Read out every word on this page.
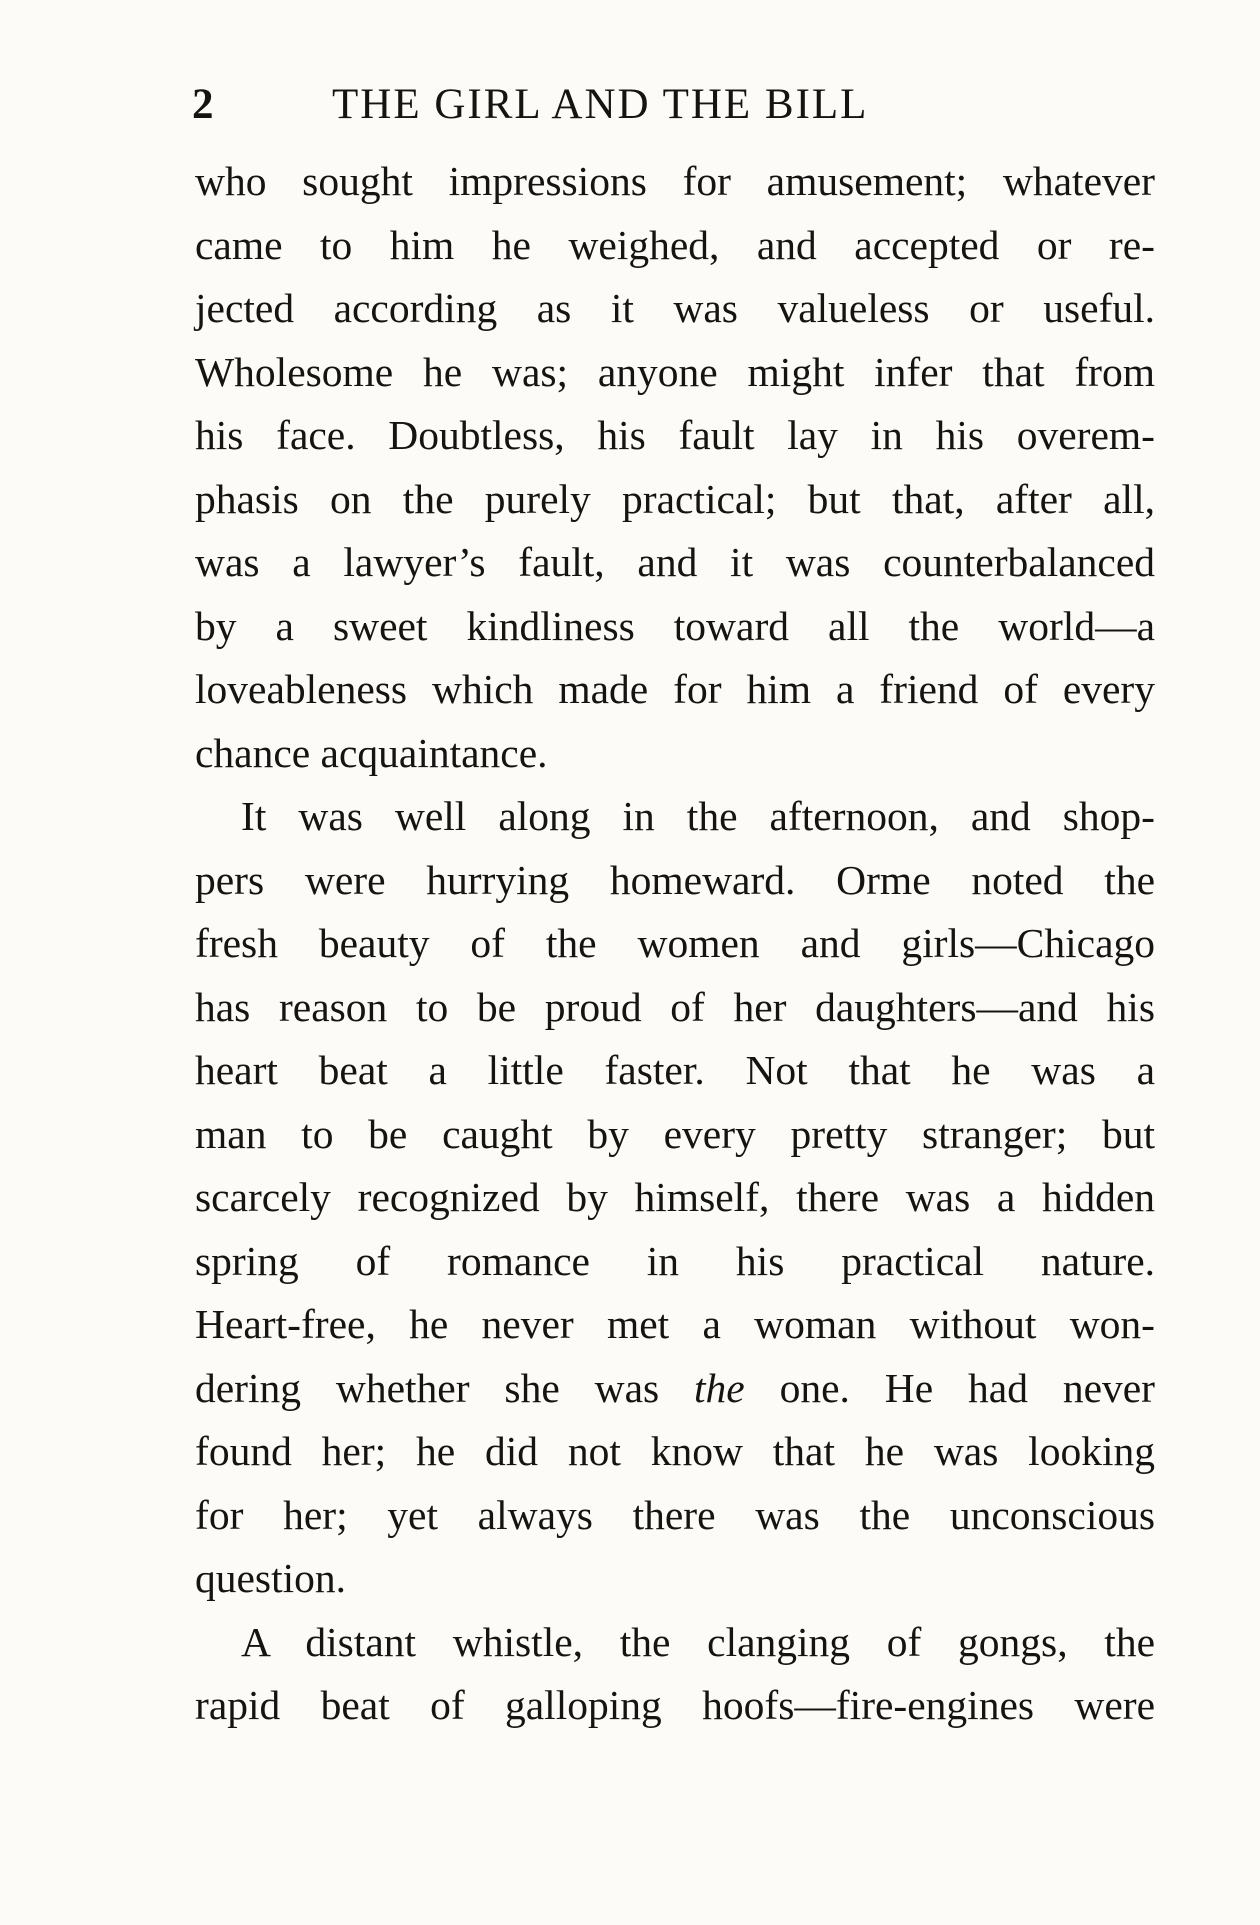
2	THE GIRL AND THE BILL
who sought impressions for amusement; whatever
came to him he weighed, and accepted or re-
jected according as it was valueless or useful.
Wholesome he was; anyone might infer that from
his face. Doubtless, his fault lay in his overem-
phasis on the purely practical; but that, after all,
was a lawyer’s fault, and it was counterbalanced
by a sweet kindliness toward all the world—a
loveableness which made for him a friend of every
chance acquaintance.
It was well along in the afternoon, and shop-
pers were hurrying homeward. Orme noted the
fresh beauty of the women and girls—Chicago
has reason to be proud of her daughters—and his
heart beat a little faster. Not that he was a
man to be caught by every pretty stranger; but
scarcely recognized by himself, there was a hidden
spring of romance in his practical nature.
Heart-free, he never met a woman without won-
dering whether she was the one. He had never
found her; he did not know that he was looking
for her; yet always there was the unconscious
question.
A distant whistle, the clanging of gongs, the
rapid beat of galloping hoofs—fire-engines were
